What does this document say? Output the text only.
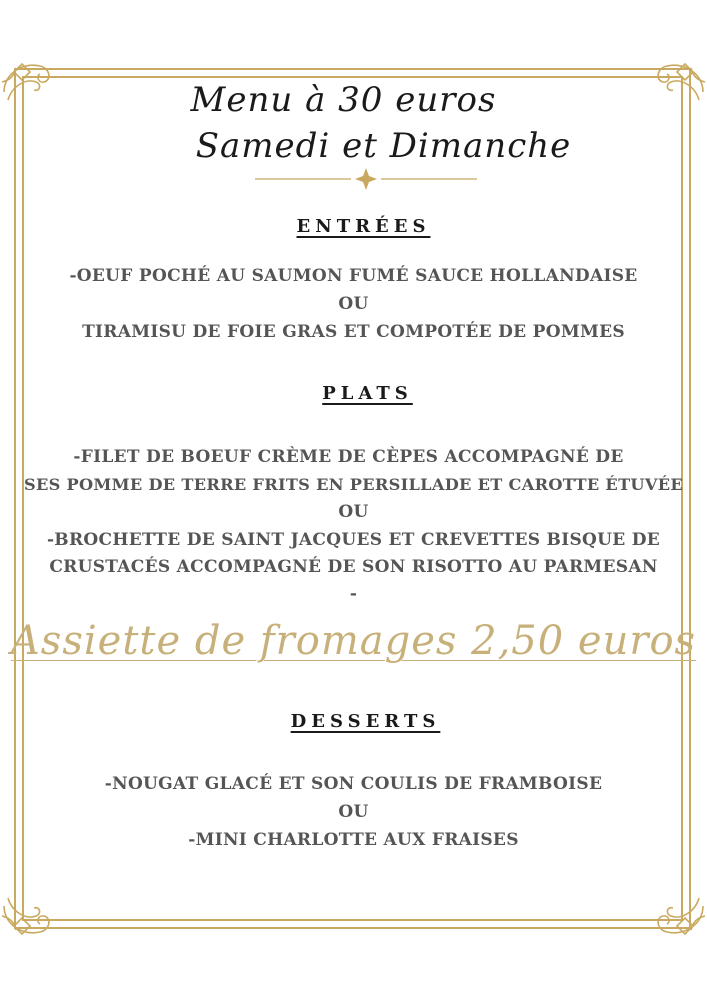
Menu à 30 euros
Samedi et Dimanche
ENTRÉES
-OEUF POCHÉ AU SAUMON FUMÉ SAUCE HOLLANDAISE
OU
TIRAMISU DE FOIE GRAS ET COMPOTÉE DE POMMES
PLATS
-FILET DE BOEUF CRÈME DE CÈPES ACCOMPAGNÉ DE
SES POMME DE TERRE FRITS EN PERSILLADE ET CAROTTE ÉTUVÉE
OU
-BROCHETTE DE SAINT JACQUES ET CREVETTES BISQUE DE
CRUSTACÉS ACCOMPAGNÉ DE SON RISOTTO AU PARMESAN
-
Assiette de fromages 2,50 euros
DESSERTS
-NOUGAT GLACÉ ET SON COULIS DE FRAMBOISE
OU
-MINI CHARLOTTE AUX FRAISES
